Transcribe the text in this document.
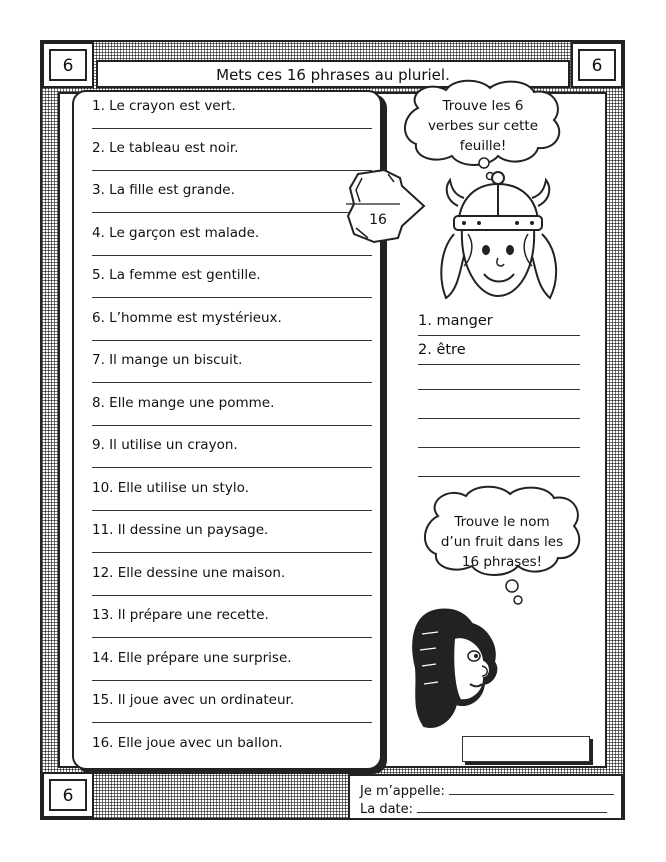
6	6
6
Mets ces 16 phrases au pluriel.
1. Le crayon est vert.
2. Le tableau est noir.
3. La fille est grande.
4. Le garçon est malade.
5. La femme est gentille.
6. L’homme est mystérieux.
7. Il mange un biscuit.
8. Elle mange une pomme.
9. Il utilise un crayon.
10. Elle utilise un stylo.
11. Il dessine un paysage.
12. Elle dessine une maison.
13. Il prépare une recette.
14. Elle prépare une surprise.
15. Il joue avec un ordinateur.
16. Elle joue avec un ballon.
16
Trouve les 6
verbes sur cette
feuille!
1. manger
2. être
Trouve le nom
d’un fruit dans les
16 phrases!
Je m’appelle:
La date:
